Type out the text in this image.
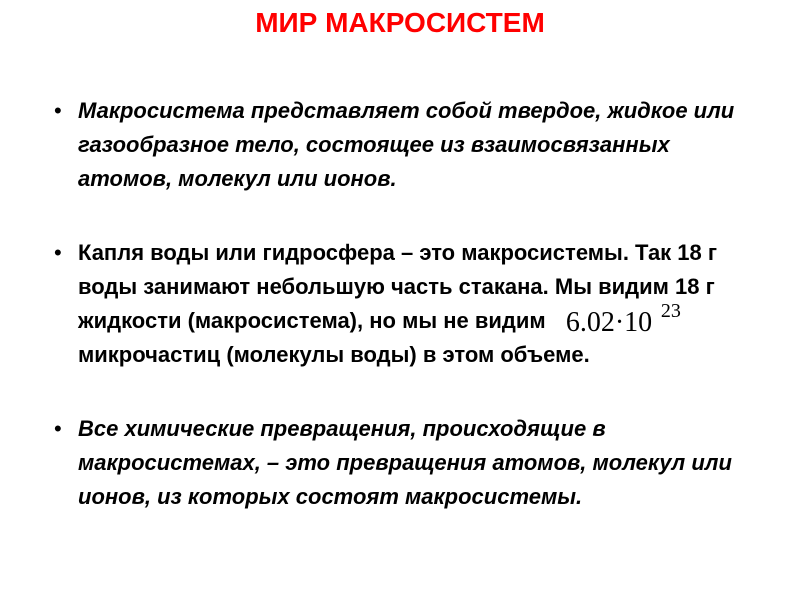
МИР МАКРОСИСТЕМ
• Макросистема представляет собой твердое, жидкое или газообразное тело, состоящее из взаимосвязанных атомов, молекул или ионов.
• Капля воды или гидросфера – это макросистемы. Так 18 г воды занимают небольшую часть стакана. Мы видим 18 г жидкости (макросистема), но мы не видим 6.02·10 23
микрочастиц (молекулы воды) в этом объеме.
• Все химические превращения, происходящие в макросистемах, – это превращения атомов, молекул или ионов, из которых состоят макросистемы.
